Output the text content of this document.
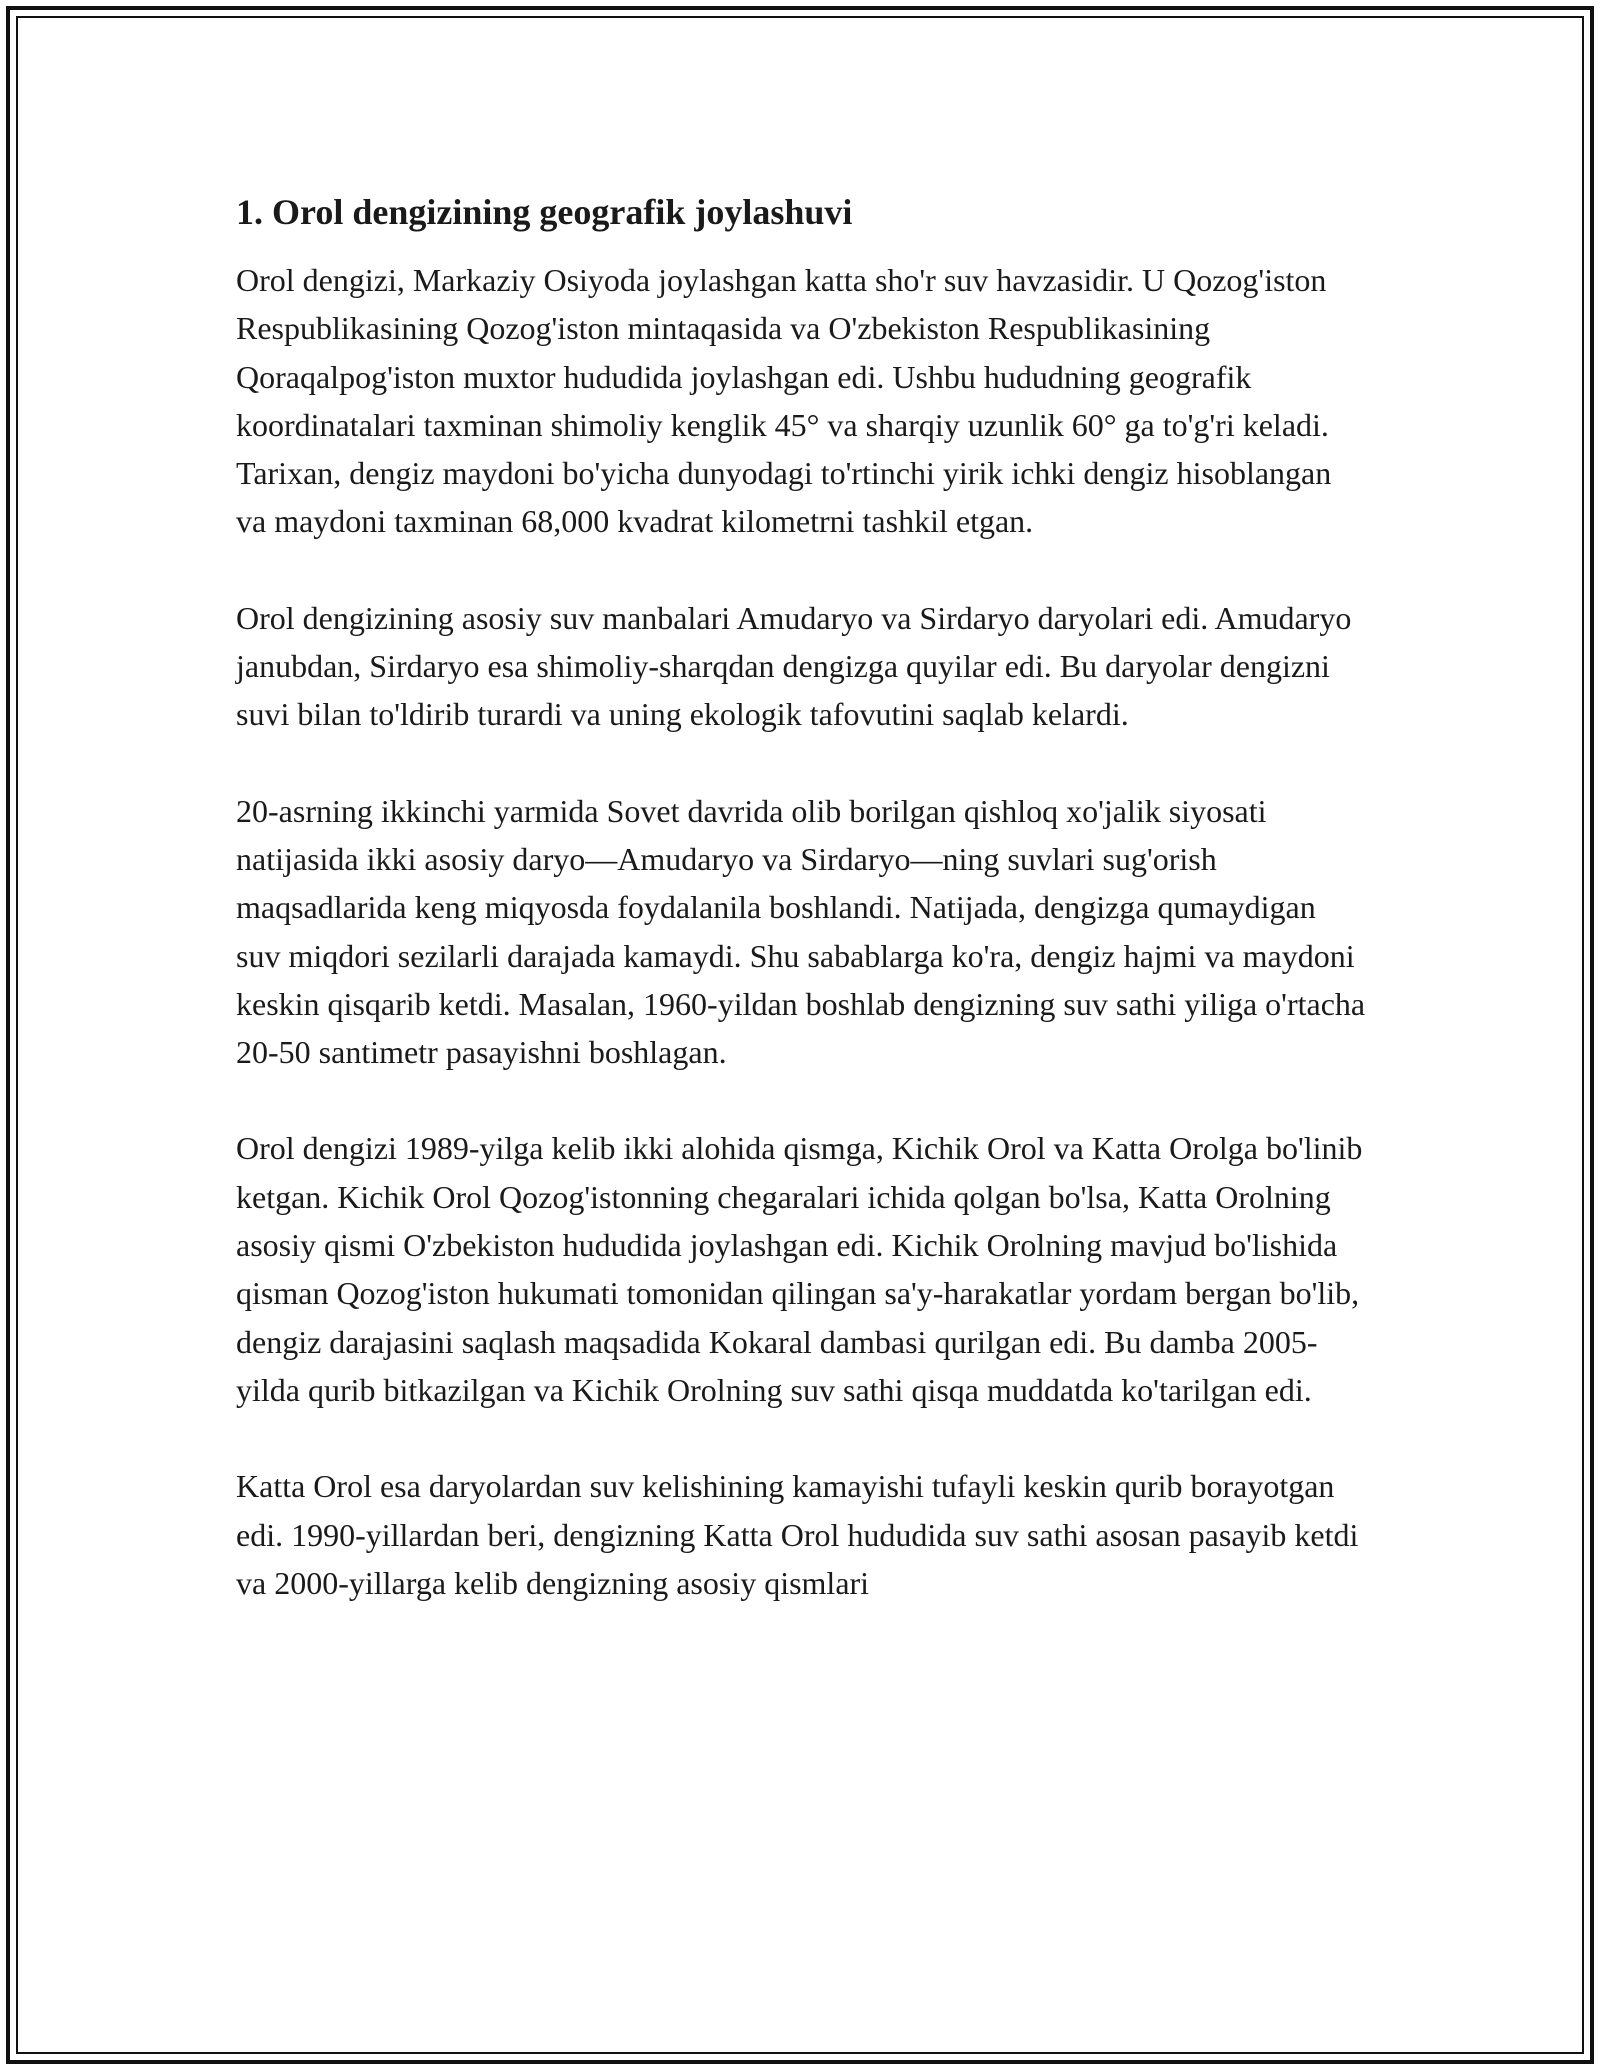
1. Orol dengizining geografik joylashuvi

Orol dengizi, Markaziy Osiyoda joylashgan katta sho'r suv havzasidir. U Qozog'iston Respublikasining Qozog'iston mintaqasida va O'zbekiston Respublikasining Qoraqalpog'iston muxtor hududida joylashgan edi. Ushbu hududning geografik koordinatalari taxminan shimoliy kenglik 45° va sharqiy uzunlik 60° ga to'g'ri keladi. Tarixan, dengiz maydoni bo'yicha dunyodagi to'rtinchi yirik ichki dengiz hisoblangan va maydoni taxminan 68,000 kvadrat kilometrni tashkil etgan.

Orol dengizining asosiy suv manbalari Amudaryo va Sirdaryo daryolari edi. Amudaryo janubdan, Sirdaryo esa shimoliy-sharqdan dengizga quyilar edi. Bu daryolar dengizni suvi bilan to'ldirib turardi va uning ekologik tafovutini saqlab kelardi.

20-asrning ikkinchi yarmida Sovet davrida olib borilgan qishloq xo'jalik siyosati natijasida ikki asosiy daryo—Amudaryo va Sirdaryo—ning suvlari sug'orish maqsadlarida keng miqyosda foydalanila boshlandi. Natijada, dengizga qumaydigan suv miqdori sezilarli darajada kamaydi. Shu sabablarga ko'ra, dengiz hajmi va maydoni keskin qisqarib ketdi. Masalan, 1960-yildan boshlab dengizning suv sathi yiliga o'rtacha 20-50 santimetr pasayishni boshlagan.

Orol dengizi 1989-yilga kelib ikki alohida qismga, Kichik Orol va Katta Orolga bo'linib ketgan. Kichik Orol Qozog'istonning chegaralari ichida qolgan bo'lsa, Katta Orolning asosiy qismi O'zbekiston hududida joylashgan edi. Kichik Orolning mavjud bo'lishida qisman Qozog'iston hukumati tomonidan qilingan sa'y-harakatlar yordam bergan bo'lib, dengiz darajasini saqlash maqsadida Kokaral dambasi qurilgan edi. Bu damba 2005-yilda qurib bitkazilgan va Kichik Orolning suv sathi qisqa muddatda ko'tarilgan edi.

Katta Orol esa daryolardan suv kelishining kamayishi tufayli keskin qurib borayotgan edi. 1990-yillardan beri, dengizning Katta Orol hududida suv sathi asosan pasayib ketdi va 2000-yillarga kelib dengizning asosiy qismlari
